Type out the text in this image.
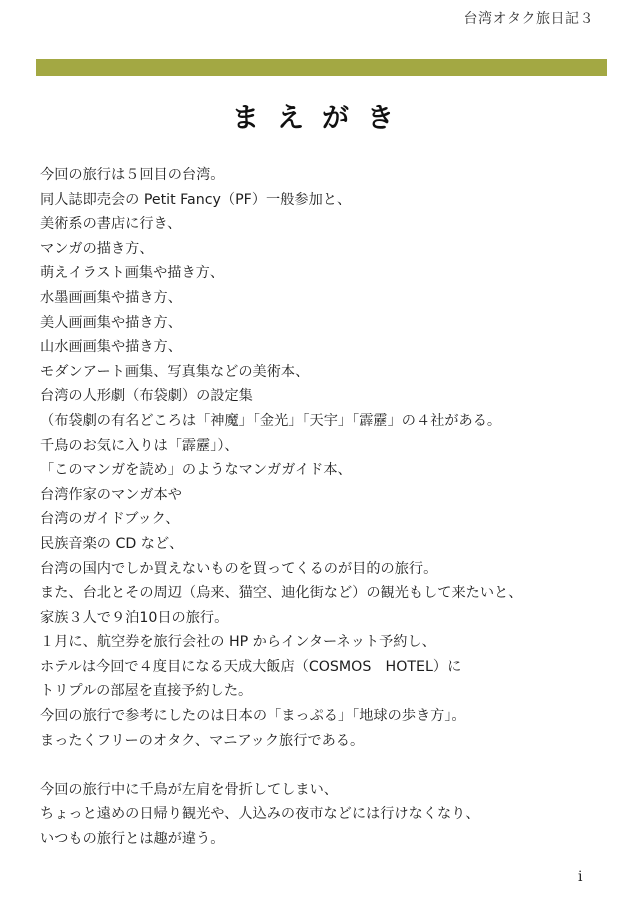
台湾オタク旅日記３
まえがき
今回の旅行は５回目の台湾。
同人誌即売会の Petit Fancy（PF）一般参加と、
美術系の書店に行き、
マンガの描き方、
萌えイラスト画集や描き方、
水墨画画集や描き方、
美人画画集や描き方、
山水画画集や描き方、
モダンアート画集、写真集などの美術本、
台湾の人形劇（布袋劇）の設定集
（布袋劇の有名どころは「神魔」「金光」「天宇」「霹靂」の４社がある。
千鳥のお気に入りは「霹靂」）、
「このマンガを読め」のようなマンガガイド本、
台湾作家のマンガ本や
台湾のガイドブック、
民族音楽の CD など、
台湾の国内でしか買えないものを買ってくるのが目的の旅行。
また、台北とその周辺（烏来、猫空、迪化街など）の観光もして来たいと、
家族３人で９泊10日の旅行。
１月に、航空券を旅行会社の HP からインターネット予約し、
ホテルは今回で４度目になる天成大飯店（COSMOS　HOTEL）に
トリプルの部屋を直接予約した。
今回の旅行で参考にしたのは日本の「まっぷる」「地球の歩き方」。
まったくフリーのオタク、マニアック旅行である。
今回の旅行中に千鳥が左肩を骨折してしまい、
ちょっと遠めの日帰り観光や、人込みの夜市などには行けなくなり、
いつもの旅行とは趣が違う。
i
